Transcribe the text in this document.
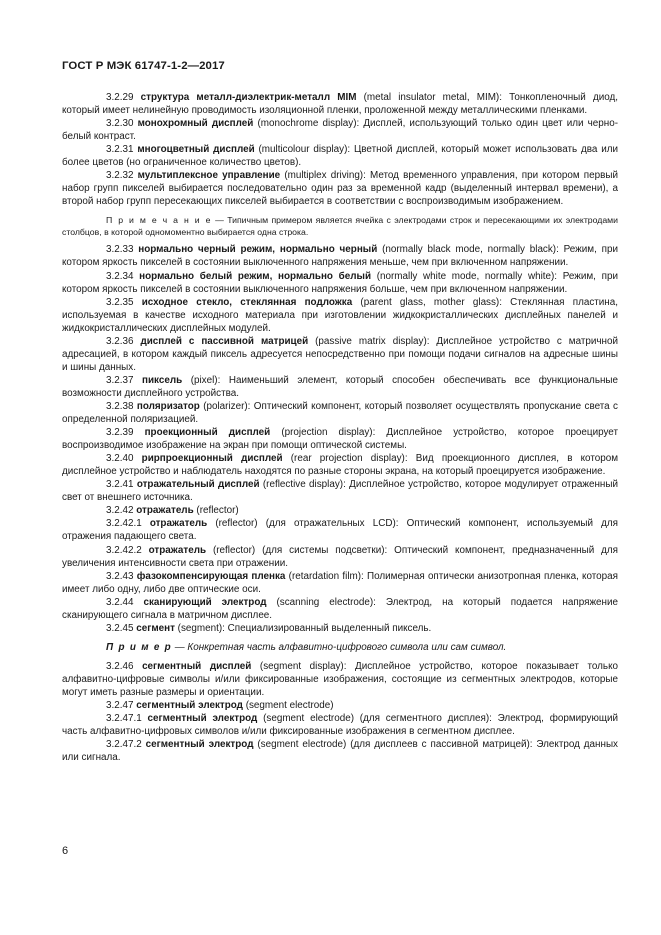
ГОСТ Р МЭК 61747-1-2—2017

3.2.29 структура металл-диэлектрик-металл MIM (metal insulator metal, MIM): Тонкопленочный диод, который имеет нелинейную проводимость изоляционной пленки, проложенной между металлическими пленками.

3.2.30 монохромный дисплей (monochrome display): Дисплей, использующий только один цвет или черно-белый контраст.

3.2.31 многоцветный дисплей (multicolour display): Цветной дисплей, который может использовать два или более цветов (но ограниченное количество цветов).

3.2.32 мультиплексное управление (multiplex driving): Метод временного управления, при котором первый набор групп пикселей выбирается последовательно один раз за временной кадр (выделенный интервал времени), а второй набор групп пересекающих пикселей выбирается в соответствии с воспроизводимым изображением.

П р и м е ч а н и е — Типичным примером является ячейка с электродами строк и пересекающими их электродами столбцов, в которой одномоментно выбирается одна строка.

3.2.33 нормально черный режим, нормально черный (normally black mode, normally black): Режим, при котором яркость пикселей в состоянии выключенного напряжения меньше, чем при включенном напряжении.

3.2.34 нормально белый режим, нормально белый (normally white mode, normally white): Режим, при котором яркость пикселей в состоянии выключенного напряжения больше, чем при включенном напряжении.

3.2.35 исходное стекло, стеклянная подложка (parent glass, mother glass): Стеклянная пластина, используемая в качестве исходного материала при изготовлении жидкокристаллических дисплейных панелей и жидкокристаллических дисплейных модулей.

3.2.36 дисплей с пассивной матрицей (passive matrix display): Дисплейное устройство с матричной адресацией, в котором каждый пиксель адресуется непосредственно при помощи подачи сигналов на адресные шины и шины данных.

3.2.37 пиксель (pixel): Наименьший элемент, который способен обеспечивать все функциональные возможности дисплейного устройства.

3.2.38 поляризатор (polarizer): Оптический компонент, который позволяет осуществлять пропускание света с определенной поляризацией.

3.2.39 проекционный дисплей (projection display): Дисплейное устройство, которое проецирует воспроизводимое изображение на экран при помощи оптической системы.

3.2.40 рирпроекционный дисплей (rear projection display): Вид проекционного дисплея, в котором дисплейное устройство и наблюдатель находятся по разные стороны экрана, на который проецируется изображение.

3.2.41 отражательный дисплей (reflective display): Дисплейное устройство, которое модулирует отраженный свет от внешнего источника.

3.2.42 отражатель (reflector)

3.2.42.1 отражатель (reflector) (для отражательных LCD): Оптический компонент, используемый для отражения падающего света.

3.2.42.2 отражатель (reflector) (для системы подсветки): Оптический компонент, предназначенный для увеличения интенсивности света при отражении.

3.2.43 фазокомпенсирующая пленка (retardation film): Полимерная оптически анизотропная пленка, которая имеет либо одну, либо две оптические оси.

3.2.44 сканирующий электрод (scanning electrode): Электрод, на который подается напряжение сканирующего сигнала в матричном дисплее.

3.2.45 сегмент (segment): Специализированный выделенный пиксель.

П р и м е р — Конкретная часть алфавитно-цифрового символа или сам символ.

3.2.46 сегментный дисплей (segment display): Дисплейное устройство, которое показывает только алфавитно-цифровые символы и/или фиксированные изображения, состоящие из сегментных электродов, которые могут иметь разные размеры и ориентации.

3.2.47 сегментный электрод (segment electrode)

3.2.47.1 сегментный электрод (segment electrode) (для сегментного дисплея): Электрод, формирующий часть алфавитно-цифровых символов и/или фиксированные изображения в сегментном дисплее.

3.2.47.2 сегментный электрод (segment electrode) (для дисплеев с пассивной матрицей): Электрод данных или сигнала.

6
